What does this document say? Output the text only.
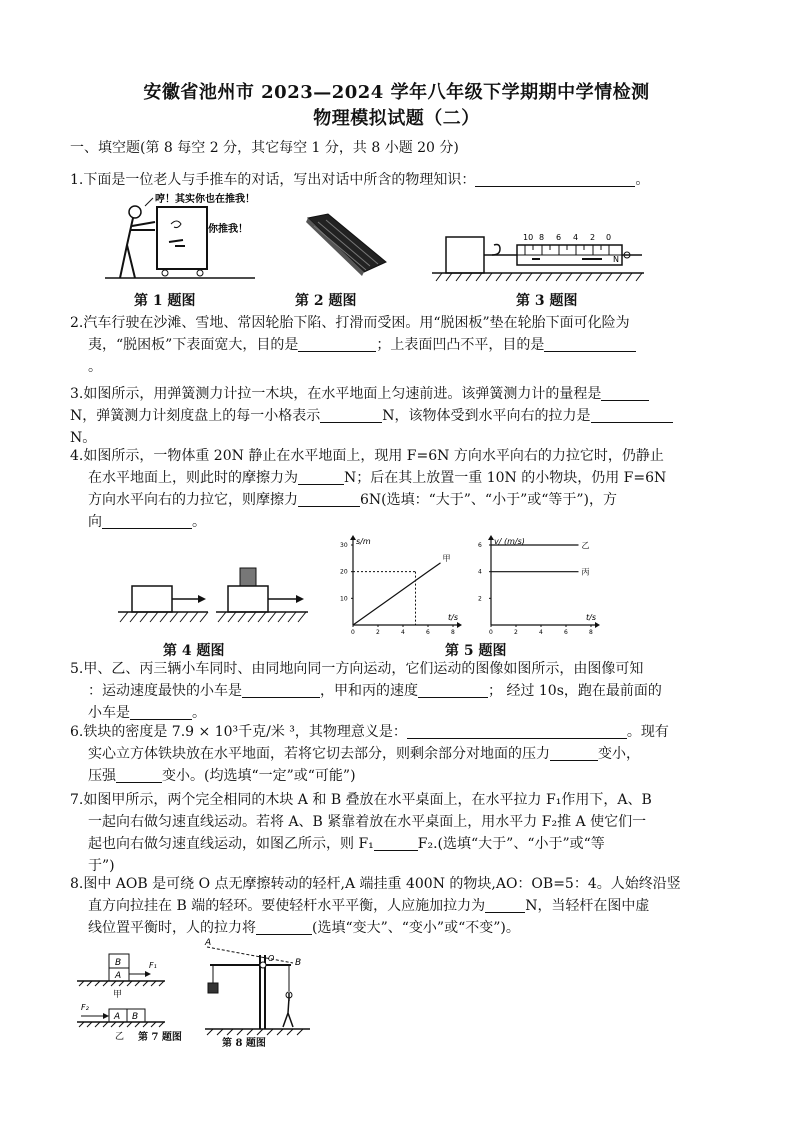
安徽省池州市 2023—2024 学年八年级下学期期中学情检测
物理模拟试题（二）
一、填空题(第 8 每空 2 分，其它每空 1 分，共 8 小题 20 分)
1.下面是一位老人与手推车的对话，写出对话中所含的物理知识：	。
哼！其实你也在推我！
你推我！
第 1 题图	第 2 题图
10 8 6 4 2 0
N
第 3 题图
2.汽车行驶在沙滩、雪地、常因轮胎下陷、打滑而受困。用“脱困板”垫在轮胎下面可化险为

夷，“脱困板”下表面宽大，目的是	；上表面凹凸不平，目的是
。
3.如图所示，用弹簧测力计拉一木块，在水平地面上匀速前进。该弹簧测力计的量程是
N，弹簧测力计刻度盘上的每一小格表示	N，该物体受到水平向右的拉力是
N。
4.如图所示，一物体重 20N 静止在水平地面上，现用 F=6N 方向水平向右的力拉它时，仍静止

在水平地面上，则此时的摩擦力为	N；后在其上放置一重 10N 的小物块，仍用 F=6N
方向水平向右的力拉它，则摩擦力	6N(选填：“大于”、“小于”或“等于”)，方
向	。
第 4 题图
s/m
t/s
0	2	4	6	8
10
20
30
甲
v/ (m/s)
t/s
0	2	4	6	8
2
4
6	乙
丙
第 5 题图
5.甲、乙、丙三辆小车同时、由同地向同一方向运动，它们运动的图像如图所示，由图像可知

：运动速度最快的小车是	，甲和丙的速度	； 经过 10s，跑在最前面的
小车是	。
6.铁块的密度是 7.9 × 10³千克/米 ³，其物理意义是：	。现有

实心立方体铁块放在水平地面，若将它切去部分，则剩余部分对地面的压力	变小，
压强	变小。(均选填“一定”或“可能”)
7.如图甲所示，两个完全相同的木块 A 和 B 叠放在水平桌面上，在水平拉力 F₁作用下，A、B

一起向右做匀速直线运动。若将 A、B 紧靠着放在水平桌面上，用水平力 F₂推 A 使它们一
起也向右做匀速直线运动，如图乙所示，则 F₁	F₂.(选填“大于”、“小于”或“等
于”)
8.图中 AOB 是可绕 O 点无摩擦转动的轻杆,A 端挂重 400N 的物块,AO：OB=5：4。人始终沿竖

直方向拉挂在 B 端的轻环。要使轻杆水平平衡，人应施加拉力为	N，当轻杆在图中虚
线位置平衡时，人的拉力将	(选填“变大”、“变小”或“不变”)。
B
A
F₁
甲
F₂
A B
乙 第 7 题图
A
O B
第 8 题图
